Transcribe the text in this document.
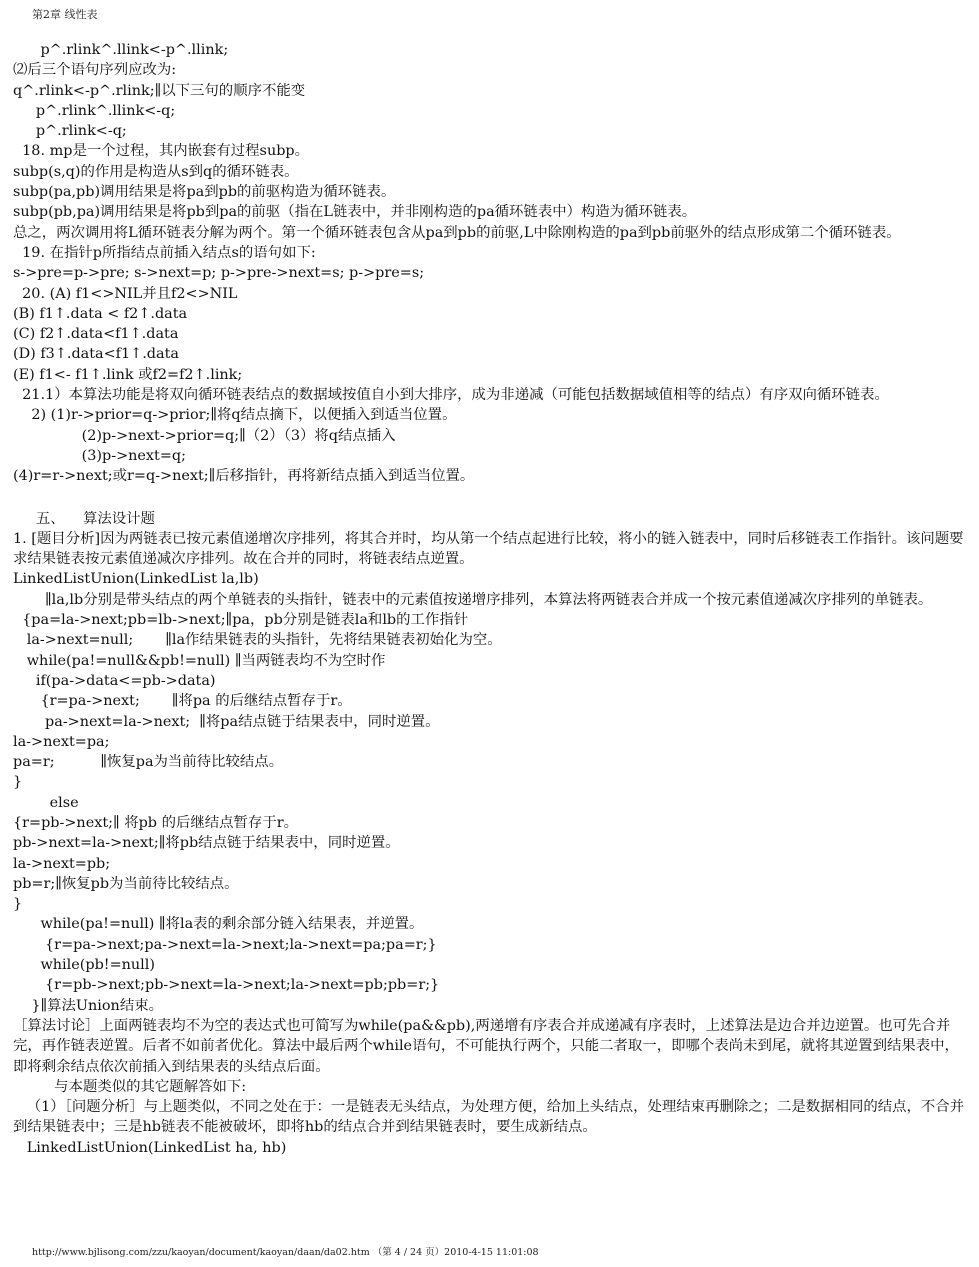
第2章 线性表
p^.rlink^.llink<-p^.llink;
⑵后三个语句序列应改为:
q^.rlink<-p^.rlink;∥以下三句的顺序不能变
p^.rlink^.llink<-q;
p^.rlink<-q;
18. mp是一个过程，其内嵌套有过程subp。
subp(s,q)的作用是构造从s到q的循环链表。
subp(pa,pb)调用结果是将pa到pb的前驱构造为循环链表。
subp(pb,pa)调用结果是将pb到pa的前驱（指在L链表中，并非刚构造的pa循环链表中）构造为循环链表。
总之，两次调用将L循环链表分解为两个。第一个循环链表包含从pa到pb的前驱,L中除刚构造的pa到pb前驱外的结点形成第二个循环链表。
19. 在指针p所指结点前插入结点s的语句如下:
s->pre=p->pre; s->next=p; p->pre->next=s; p->pre=s;
20. (A) f1<>NIL并且f2<>NIL
(B) f1↑.data < f2↑.data
(C) f2↑.data<f1↑.data
(D) f3↑.data<f1↑.data
(E) f1<- f1↑.link 或f2=f2↑.link;
21.1）本算法功能是将双向循环链表结点的数据域按值自小到大排序，成为非递减（可能包括数据域值相等的结点）有序双向循环链表。
2) (1)r->prior=q->prior;∥将q结点摘下，以便插入到适当位置。
(2)p->next->prior=q;∥（2）（3）将q结点插入
(3)p->next=q;
(4)r=r->next;或r=q->next;∥后移指针，再将新结点插入到适当位置。
五、    算法设计题
1. [题目分析]因为两链表已按元素值递增次序排列，将其合并时，均从第一个结点起进行比较，将小的链入链表中，同时后移链表工作指针。该问题要求结果链表按元素值递减次序排列。故在合并的同时，将链表结点逆置。
LinkedListUnion(LinkedList la,lb)
∥la,lb分别是带头结点的两个单链表的头指针，链表中的元素值按递增序排列，本算法将两链表合并成一个按元素值递减次序排列的单链表。
{pa=la->next;pb=lb->next;∥pa，pb分别是链表la和lb的工作指针
la->next=null;       ∥la作结果链表的头指针，先将结果链表初始化为空。
while(pa!=null&&pb!=null) ∥当两链表均不为空时作
if(pa->data<=pb->data)
{r=pa->next;       ∥将pa 的后继结点暂存于r。
pa->next=la->next;  ∥将pa结点链于结果表中，同时逆置。
la->next=pa;
pa=r;          ∥恢复pa为当前待比较结点。
}
else
{r=pb->next;∥ 将pb 的后继结点暂存于r。
pb->next=la->next;∥将pb结点链于结果表中，同时逆置。
la->next=pb;
pb=r;∥恢复pb为当前待比较结点。
}
while(pa!=null) ∥将la表的剩余部分链入结果表，并逆置。
{r=pa->next;pa->next=la->next;la->next=pa;pa=r;}
while(pb!=null)
{r=pb->next;pb->next=la->next;la->next=pb;pb=r;}
}∥算法Union结束。
［算法讨论］上面两链表均不为空的表达式也可简写为while(pa&&pb),两递增有序表合并成递减有序表时，上述算法是边合并边逆置。也可先合并完，再作链表逆置。后者不如前者优化。算法中最后两个while语句，不可能执行两个，只能二者取一，即哪个表尚未到尾，就将其逆置到结果表中，即将剩余结点依次前插入到结果表的头结点后面。
与本题类似的其它题解答如下:
（1）［问题分析］与上题类似，不同之处在于：一是链表无头结点，为处理方便，给加上头结点，处理结束再删除之；二是数据相同的结点，不合并到结果链表中；三是hb链表不能被破坏，即将hb的结点合并到结果链表时，要生成新结点。
LinkedListUnion(LinkedList ha, hb)
http://www.bjlisong.com/zzu/kaoyan/document/kaoyan/daan/da02.htm （第 4 / 24 页）2010-4-15 11:01:08
